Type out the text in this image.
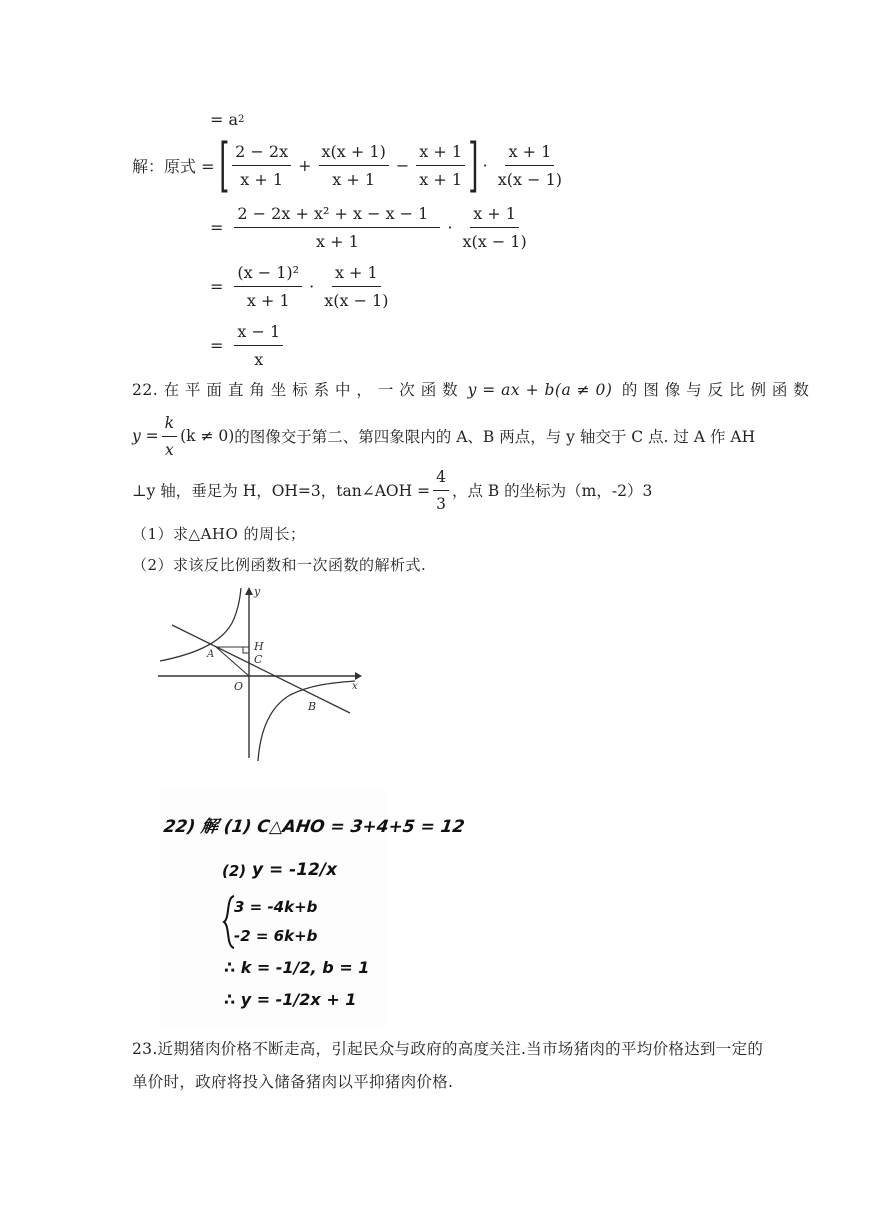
= a 2
解：原式 = [ $\frac{2 - 2x}{x + 1} + \frac{x(x + 1)}{x + 1} - \frac{x + 1}{x + 1}$ ] · $\frac{x + 1}{x(x - 1)}$
= $\frac{\text{2 − 2x + x² + x − x − 1}}{x + 1} \cdot \frac{x + 1}{x(x - 1)}$
= $\frac{\text{(x − 1)²}}{x + 1} \cdot \frac{x + 1}{x(x - 1)}$
= $\frac{x - 1}{x}$
22. 在 平 面 直 角 坐 标 系 中 ， 一 次 函 数 y = ax + b(a ≠ 0) 的 图 像 与 反 比 例 函 数
$y = \frac{k}{x} (k \ne 0)$ 的图像交于第二、第四象限内的 A、B 两点，与 y 轴交于 C 点. 过 A 作 AH
⊥y 轴，垂足为 H，OH=3，tan∠AOH = $\frac{4}{3}$ ，点 B 的坐标为（m，-2）3
（1）求△AHO 的周长；
（2）求该反比例函数和一次函数的解析式.
y
x
H
C
A
O
B
22) 解 (1) C△AHO = 3+4+5 = 12
(2) y = -12/x
3 = -4k+b
-2 = 6k+b
∴ k = -1/2, b = 1
∴ y = -1/2x + 1
23.近期猪肉价格不断走高，引起民众与政府的高度关注.当市场猪肉的平均价格达到一定的
单价时，政府将投入储备猪肉以平抑猪肉价格.
